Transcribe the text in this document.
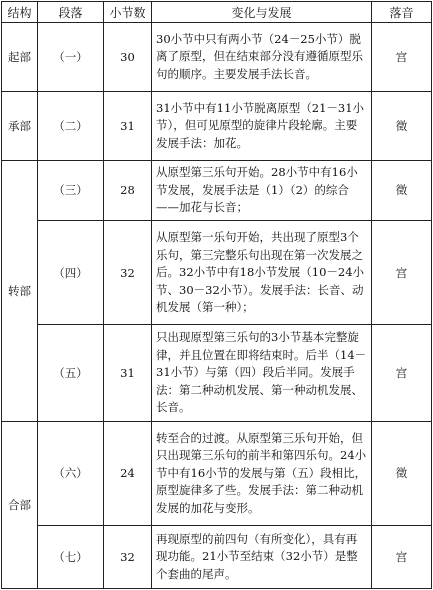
结构	段落	小节数	变化与发展	落音
起部	（一）	30	30小节中只有两小节（24－25小节）脱离了原型，但在结束部分没有遵循原型乐句的顺序。主要发展手法长音。	宫
承部	（二）	31	31小节中有11小节脱离原型（21－31小节），但可见原型的旋律片段轮廓。主要发展手法：加花。	徵
转部	（三）	28	从原型第三乐句开始。28小节中有16小节发展，发展手法是（1）（2）的综合——加花与长音；	徵
	（四）	32	从原型第一乐句开始，共出现了原型3个乐句，第三完整乐句出现在第一次发展之后。32小节中有18小节发展（10－24小节、30－32小节）。发展手法：长音、动机发展（第一种）；	宫
	（五）	31	只出现原型第三乐句的3小节基本完整旋律，并且位置在即将结束时。后半（14－31小节）与第（四）段后半同。发展手法：第二种动机发展、第一种动机发展、长音。	宫
合部	（六）	24	转至合的过渡。从原型第三乐句开始，但只出现第三乐句的前半和第四乐句。24小节中有16小节的发展与第（五）段相比，原型旋律多了些。发展手法：第二种动机发展的加花与变形。	徵
	（七）	32	再现原型的前四句（有所变化），具有再现功能。21小节至结束（32小节）是整个套曲的尾声。	宫
